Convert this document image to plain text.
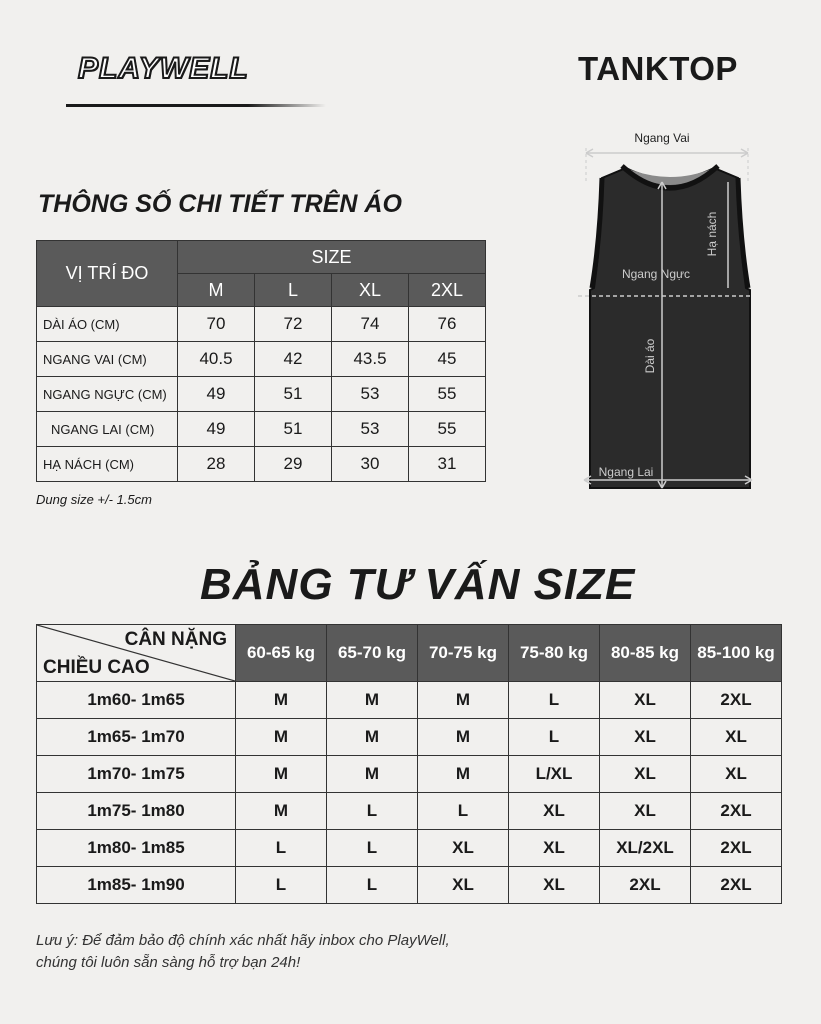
PLAYWELL	TANKTOP
THÔNG SỐ CHI TIẾT TRÊN ÁO
VỊ TRÍ ĐO	SIZE			
	M	L	XL	2XL
DÀI ÁO (CM)	70	72	74	76
NGANG VAI (CM)	40.5	42	43.5	45
NGANG NGỰC (CM)	49	51	53	55
NGANG LAI (CM)	49	51	53	55
HẠ NÁCH (CM)	28	29	30	31
Dung size +/- 1.5cm
Ngang Vai
Hạ nách
Ngang Ngực
Dài áo
Ngang Lai
BẢNG TƯ VẤN SIZE
CÂN NẶNG
CHIỀU CAO	60-65 kg	65-70 kg	70-75 kg	75-80 kg	80-85 kg	85-100 kg
1m60- 1m65	M	M	M	L	XL	2XL
1m65- 1m70	M	M	M	L	XL	XL
1m70- 1m75	M	M	M	L/XL	XL	XL
1m75- 1m80	M	L	L	XL	XL	2XL
1m80- 1m85	L	L	XL	XL	XL/2XL	2XL
1m85- 1m90	L	L	XL	XL	2XL	2XL
Lưu ý: Để đảm bảo độ chính xác nhất hãy inbox cho PlayWell,
chúng tôi luôn sẵn sàng hỗ trợ bạn 24h!
